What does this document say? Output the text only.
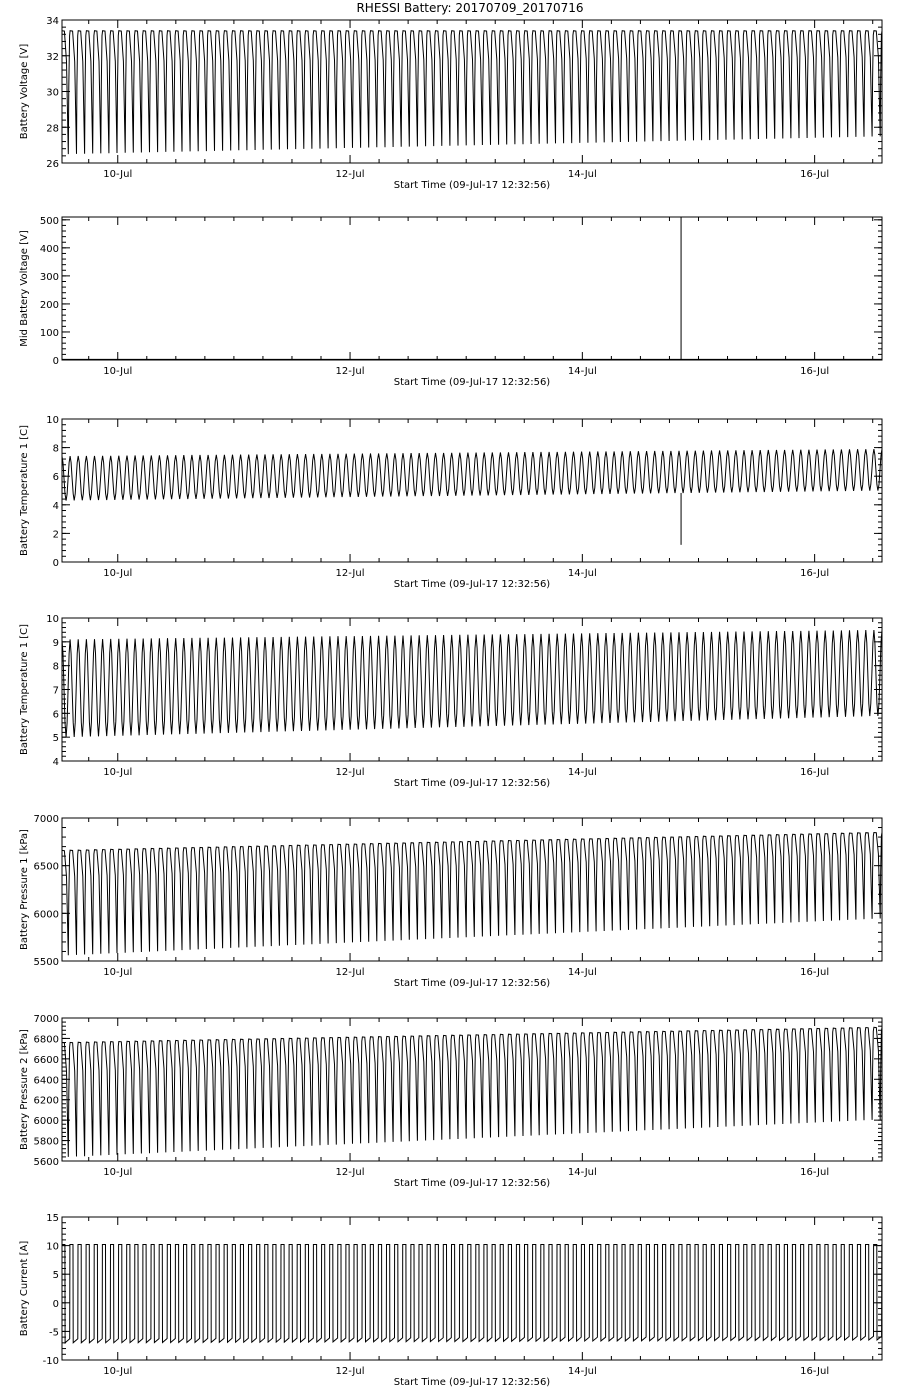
RHESSI Battery: 20170709_20170716
10-Jul	12-Jul	14-Jul	16-Jul
Start Time (09-Jul-17 12:32:56)
26
28
30
32
34
Battery Voltage [V]
10-Jul	12-Jul	14-Jul	16-Jul
Start Time (09-Jul-17 12:32:56)
0
100
200
300
400
500
Mid Battery Voltage [V]
10-Jul	12-Jul	14-Jul	16-Jul
Start Time (09-Jul-17 12:32:56)
0
2
4
6
8
10
Battery Temperature 1 [C]
10-Jul	12-Jul	14-Jul	16-Jul
Start Time (09-Jul-17 12:32:56)
4
5
6
7
8
9
10
Battery Temperature 1 [C]
10-Jul	12-Jul	14-Jul	16-Jul
Start Time (09-Jul-17 12:32:56)
5500
6000
6500
7000
Battery Pressure 1 [kPa]
10-Jul	12-Jul	14-Jul	16-Jul
Start Time (09-Jul-17 12:32:56)
5600
5800
6000
6200
6400
6600
6800
7000
Battery Pressure 2 [kPa]
10-Jul	12-Jul	14-Jul	16-Jul
Start Time (09-Jul-17 12:32:56)
-10
-5
0
5
10
15
Battery Current [A]
